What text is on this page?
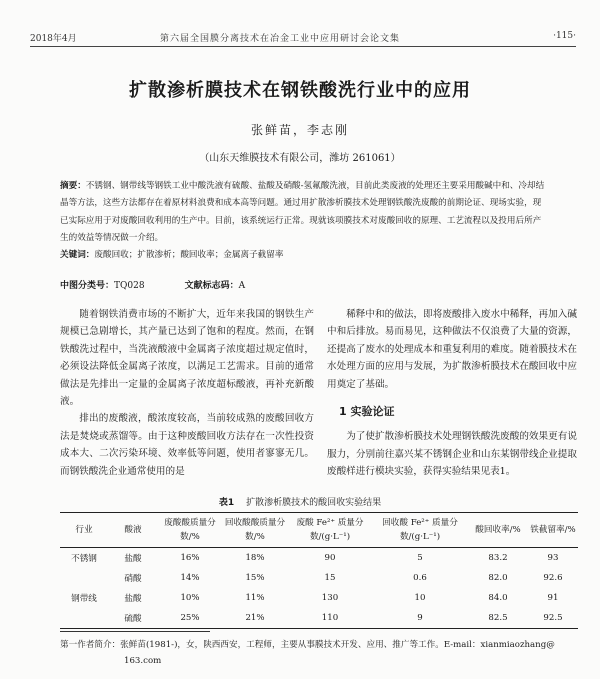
2018年4月	第六届全国膜分离技术在冶金工业中应用研讨会论文集	·115·
扩散渗析膜技术在钢铁酸洗行业中的应用
张鲜苗，李志刚
（山东天维膜技术有限公司，潍坊 261061）
摘要：不锈钢、钢带线等钢铁工业中酸洗液有硫酸、盐酸及硝酸-氢氟酸洗液，目前此类废液的处理还主要采用酸碱中和、冷却结晶等方法，这些方法都存在着原材料浪费和成本高等问题。通过用扩散渗析膜技术处理钢铁酸洗废酸的前期论证、现场实验，现已实际应用于对废酸回收利用的生产中。目前，该系统运行正常。现就该项膜技术对废酸回收的原理、工艺流程以及投用后所产生的效益等情况做一介绍。
关键词：废酸回收；扩散渗析；酸回收率；金属离子截留率
中图分类号：TQ028	文献标志码：A

随着钢铁消费市场的不断扩大，近年来我国的钢铁生产规模已急剧增长，其产量已达到了饱和的程度。然而，在钢铁酸洗过程中，当洗液酸液中金属离子浓度超过规定值时，必须设法降低金属离子浓度，以满足工艺需求。目前的通常做法是先排出一定量的金属离子浓度超标酸液，再补充新酸液。

排出的废酸液，酸浓度较高，当前较成熟的废酸回收方法是焚烧或蒸馏等。由于这种废酸回收方法存在一次性投资成本大、二次污染环境、效率低等问题，使用者寥寥无几。而钢铁酸洗企业通常使用的是

稀释中和的做法，即将废酸排入废水中稀释，再加入碱中和后排放。易而易见，这种做法不仅浪费了大量的资源，还提高了废水的处理成本和重复利用的难度。随着膜技术在水处理方面的应用与发展，为扩散渗析膜技术在酸回收中应用奠定了基础。

1 实验论证

为了使扩散渗析膜技术处理钢铁酸洗废酸的效果更有说服力，分别前往嘉兴某不锈钢企业和山东某钢带线企业提取废酸样进行模块实验，获得实验结果见表1。

表1 扩散渗析膜技术的酸回收实验结果
行业	酸液	废酸酸质量分数/%	回收酸酸质量分数/%	废酸 Fe²⁺ 质量分数/(g·L⁻¹)	回收酸 Fe²⁺ 质量分数/(g·L⁻¹)	酸回收率/%	铁截留率/%
不锈钢	盐酸	16%	18%	90	5	83.2	93
	硝酸	14%	15%	15	0.6	82.0	92.6
钢带线	盐酸	10%	11%	130	10	84.0	91
	硫酸	25%	21%	110	9	82.5	92.5
第一作者简介：张鲜苗(1981-)，女，陕西西安，工程师，主要从事膜技术开发、应用、推广等工作。E-mail：xianmiaozhang@
163.com
